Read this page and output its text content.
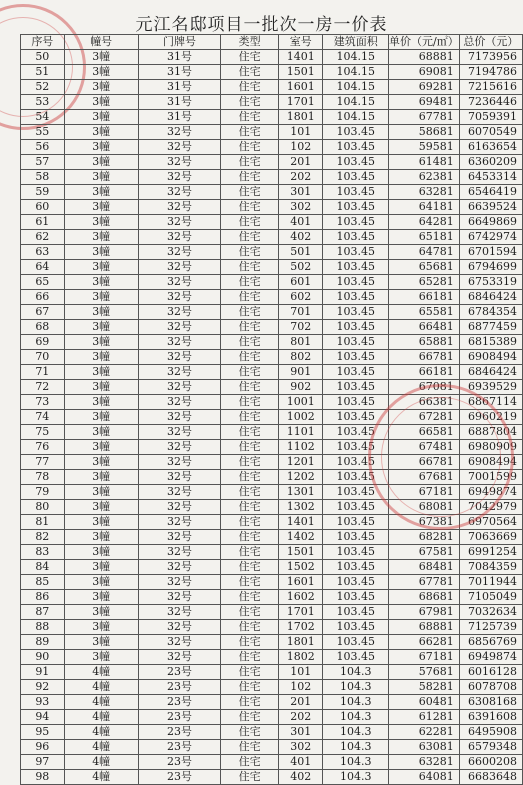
元江名邸项目一批次一房一价表
序号	幢号	门牌号	类型	室号	建筑面积	单价（元/㎡）	总价（元）
50	3幢	31号	住宅	1401	104.15	68881	7173956
51	3幢	31号	住宅	1501	104.15	69081	7194786
52	3幢	31号	住宅	1601	104.15	69281	7215616
53	3幢	31号	住宅	1701	104.15	69481	7236446
54	3幢	31号	住宅	1801	104.15	67781	7059391
55	3幢	32号	住宅	101	103.45	58681	6070549
56	3幢	32号	住宅	102	103.45	59581	6163654
57	3幢	32号	住宅	201	103.45	61481	6360209
58	3幢	32号	住宅	202	103.45	62381	6453314
59	3幢	32号	住宅	301	103.45	63281	6546419
60	3幢	32号	住宅	302	103.45	64181	6639524
61	3幢	32号	住宅	401	103.45	64281	6649869
62	3幢	32号	住宅	402	103.45	65181	6742974
63	3幢	32号	住宅	501	103.45	64781	6701594
64	3幢	32号	住宅	502	103.45	65681	6794699
65	3幢	32号	住宅	601	103.45	65281	6753319
66	3幢	32号	住宅	602	103.45	66181	6846424
67	3幢	32号	住宅	701	103.45	65581	6784354
68	3幢	32号	住宅	702	103.45	66481	6877459
69	3幢	32号	住宅	801	103.45	65881	6815389
70	3幢	32号	住宅	802	103.45	66781	6908494
71	3幢	32号	住宅	901	103.45	66181	6846424
72	3幢	32号	住宅	902	103.45	67081	6939529
73	3幢	32号	住宅	1001	103.45	66381	6867114
74	3幢	32号	住宅	1002	103.45	67281	6960219
75	3幢	32号	住宅	1101	103.45	66581	6887804
76	3幢	32号	住宅	1102	103.45	67481	6980909
77	3幢	32号	住宅	1201	103.45	66781	6908494
78	3幢	32号	住宅	1202	103.45	67681	7001599
79	3幢	32号	住宅	1301	103.45	67181	6949874
80	3幢	32号	住宅	1302	103.45	68081	7042979
81	3幢	32号	住宅	1401	103.45	67381	6970564
82	3幢	32号	住宅	1402	103.45	68281	7063669
83	3幢	32号	住宅	1501	103.45	67581	6991254
84	3幢	32号	住宅	1502	103.45	68481	7084359
85	3幢	32号	住宅	1601	103.45	67781	7011944
86	3幢	32号	住宅	1602	103.45	68681	7105049
87	3幢	32号	住宅	1701	103.45	67981	7032634
88	3幢	32号	住宅	1702	103.45	68881	7125739
89	3幢	32号	住宅	1801	103.45	66281	6856769
90	3幢	32号	住宅	1802	103.45	67181	6949874
91	4幢	23号	住宅	101	104.3	57681	6016128
92	4幢	23号	住宅	102	104.3	58281	6078708
93	4幢	23号	住宅	201	104.3	60481	6308168
94	4幢	23号	住宅	202	104.3	61281	6391608
95	4幢	23号	住宅	301	104.3	62281	6495908
96	4幢	23号	住宅	302	104.3	63081	6579348
97	4幢	23号	住宅	401	104.3	63281	6600208
98	4幢	23号	住宅	402	104.3	64081	6683648
